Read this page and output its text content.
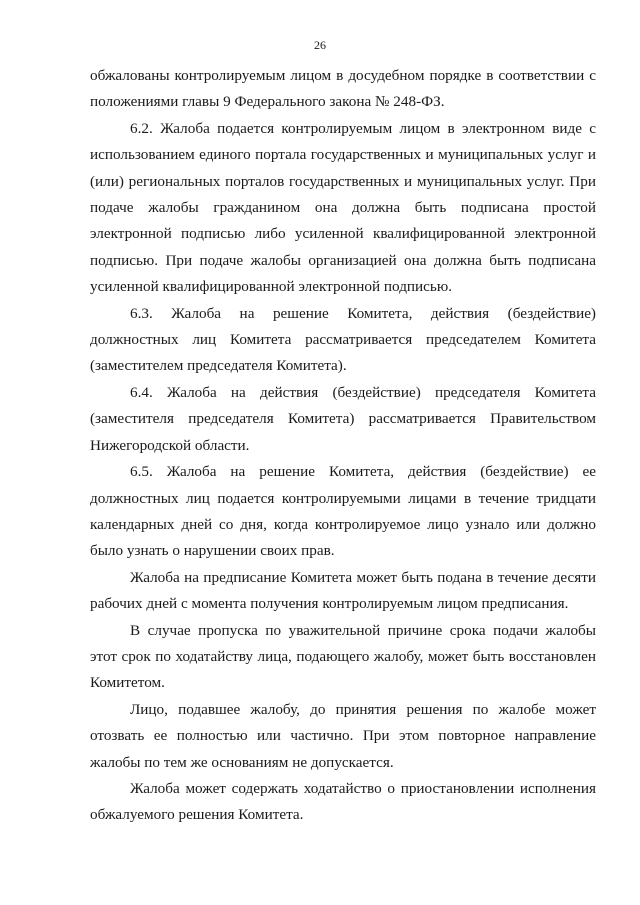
26

обжалованы контролируемым лицом в досудебном порядке в соответствии с положениями главы 9 Федерального закона № 248-ФЗ.

6.2. Жалоба подается контролируемым лицом в электронном виде с использованием единого портала государственных и муниципальных услуг и (или) региональных порталов государственных и муниципальных услуг. При подаче жалобы гражданином она должна быть подписана простой электронной подписью либо усиленной квалифицированной электронной подписью. При подаче жалобы организацией она должна быть подписана усиленной квалифицированной электронной подписью.

6.3. Жалоба на решение Комитета, действия (бездействие) должностных лиц Комитета рассматривается председателем Комитета (заместителем председателя Комитета).

6.4. Жалоба на действия (бездействие) председателя Комитета (заместителя председателя Комитета) рассматривается Правительством Нижегородской области.

6.5. Жалоба на решение Комитета, действия (бездействие) ее должностных лиц подается контролируемыми лицами в течение тридцати календарных дней со дня, когда контролируемое лицо узнало или должно было узнать о нарушении своих прав.

Жалоба на предписание Комитета может быть подана в течение десяти рабочих дней с момента получения контролируемым лицом предписания.

В случае пропуска по уважительной причине срока подачи жалобы этот срок по ходатайству лица, подающего жалобу, может быть восстановлен Комитетом.

Лицо, подавшее жалобу, до принятия решения по жалобе может отозвать ее полностью или частично. При этом повторное направление жалобы по тем же основаниям не допускается.

Жалоба может содержать ходатайство о приостановлении исполнения обжалуемого решения Комитета.
